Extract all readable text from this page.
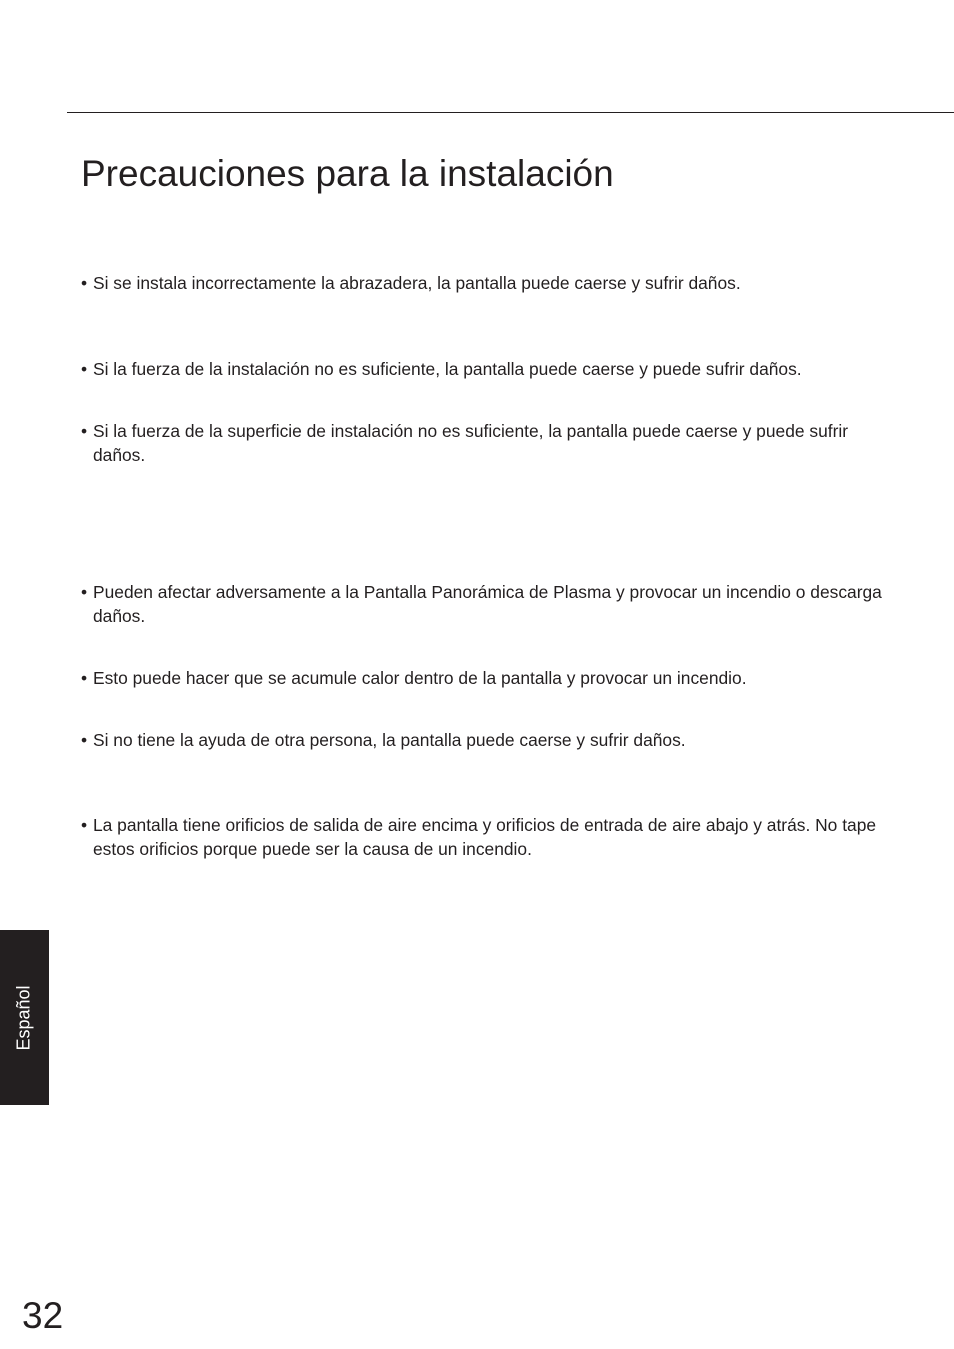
Precauciones para la instalación
• Si se instala incorrectamente la abrazadera, la pantalla puede caerse y sufrir daños.
• Si la fuerza de la instalación no es suficiente, la pantalla puede caerse y puede sufrir daños.
• Si la fuerza de la superficie de instalación no es suficiente, la pantalla puede caerse y puede sufrir daños.
• Pueden afectar adversamente a la Pantalla Panorámica de Plasma y provocar un incendio o descarga daños.
• Esto puede hacer que se acumule calor dentro de la pantalla y provocar un incendio.
• Si no tiene la ayuda de otra persona, la pantalla puede caerse y sufrir daños.
• La pantalla tiene orificios de salida de aire encima y orificios de entrada de aire abajo y atrás. No tape estos orificios porque puede ser la causa de un incendio.
Español
32
